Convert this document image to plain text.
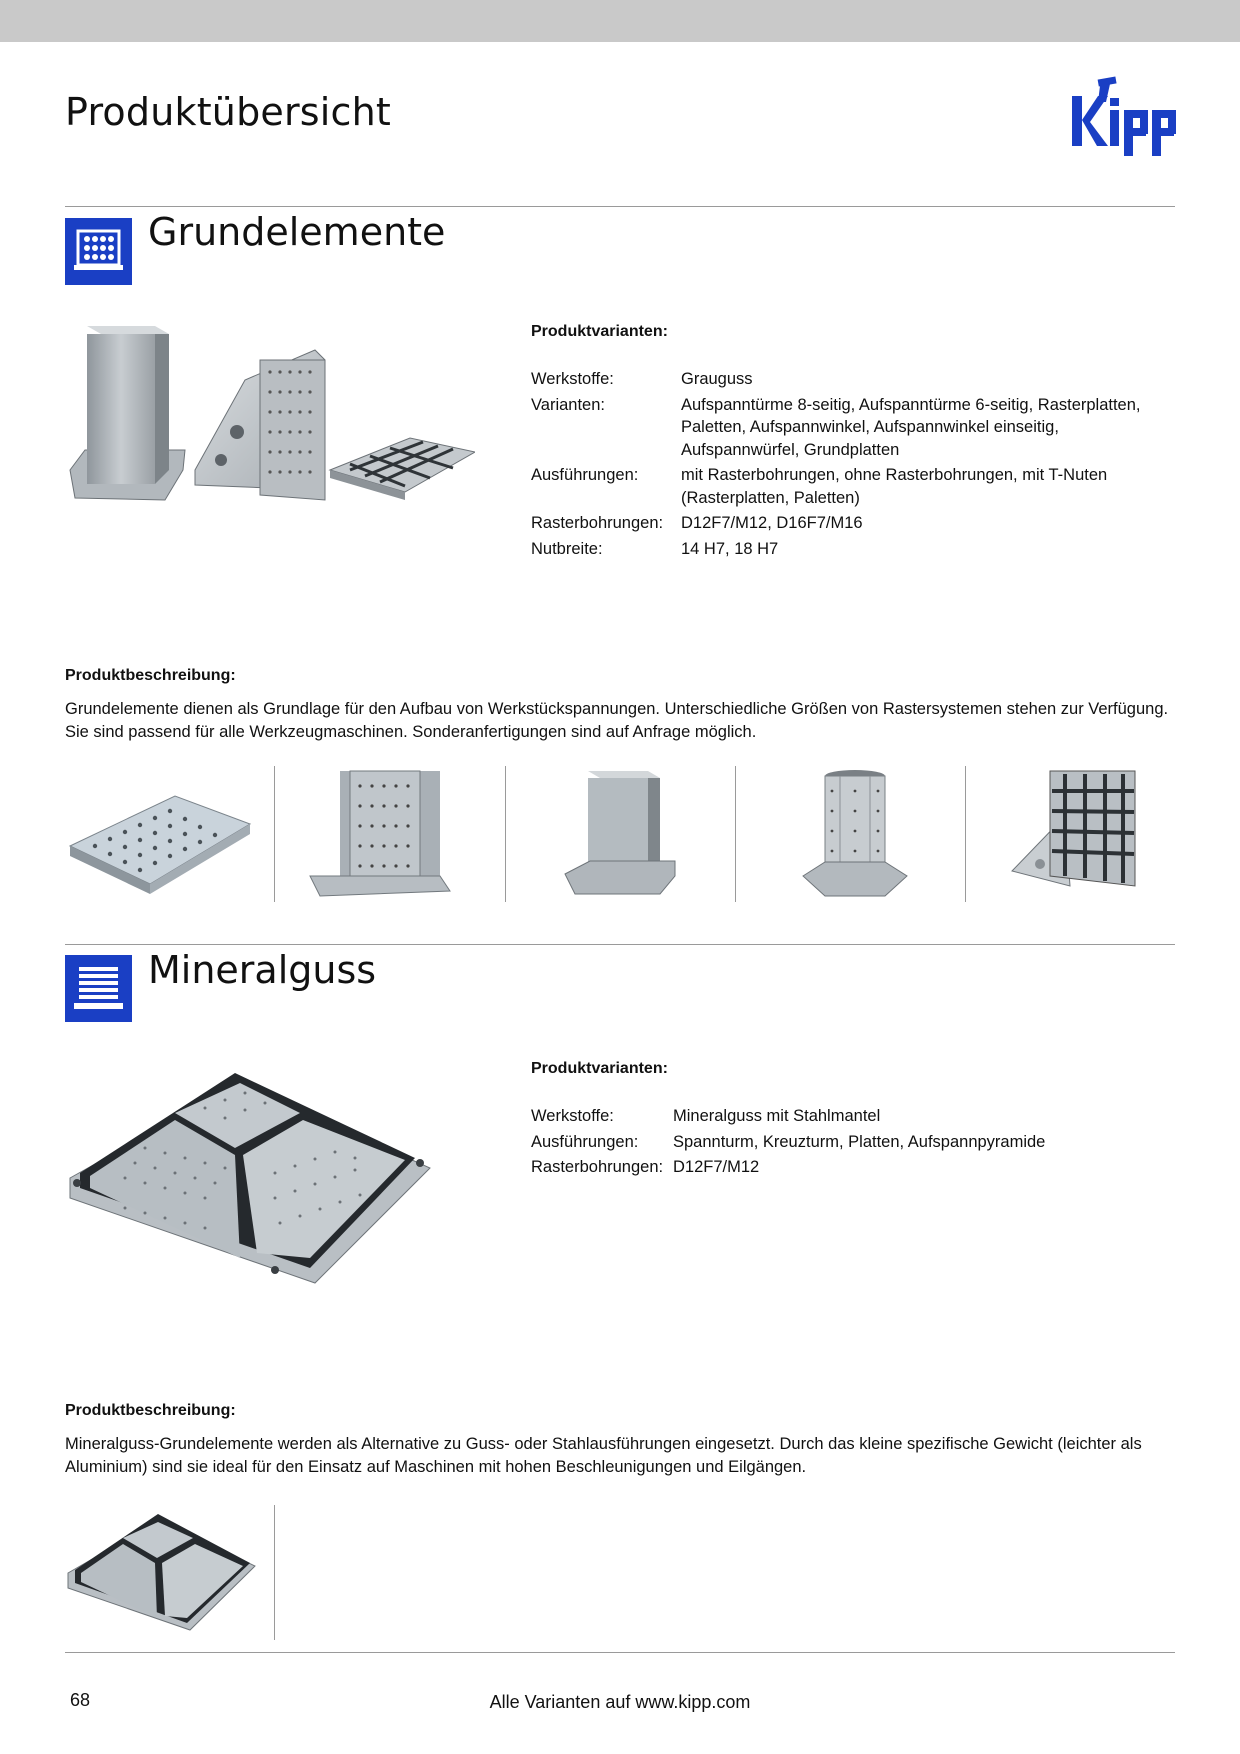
Produktübersicht
Grundelemente
Produktvarianten:
Werkstoffe:	Grauguss
Varianten:	Aufspanntürme 8-seitig, Aufspanntürme 6-seitig, Rasterplatten, Paletten, Aufspannwinkel, Aufspannwinkel einseitig, Aufspannwürfel, Grundplatten
Ausführungen:	mit Rasterbohrungen, ohne Rasterbohrungen, mit T-Nuten (Rasterplatten, Paletten)
Rasterbohrungen:	D12F7/M12, D16F7/M16
Nutbreite:	14 H7, 18 H7
Produktbeschreibung:

Grundelemente dienen als Grundlage für den Aufbau von Werkstückspannungen. Unterschiedliche Größen von Rastersystemen stehen zur Verfügung. Sie sind passend für alle Werkzeugmaschinen. Sonderanfertigungen sind auf Anfrage möglich.

Mineralguss
Produktvarianten:
Werkstoffe:	Mineralguss mit Stahlmantel
Ausführungen:	Spannturm, Kreuzturm, Platten, Aufspannpyramide
Rasterbohrungen: D12F7/M12
Produktbeschreibung:

Mineralguss-Grundelemente werden als Alternative zu Guss- oder Stahlausführungen eingesetzt. Durch das kleine spezifische Gewicht (leichter als Aluminium) sind sie ideal für den Einsatz auf Maschinen mit hohen Beschleunigungen und Eilgängen.

68	Alle Varianten auf www.kipp.com
